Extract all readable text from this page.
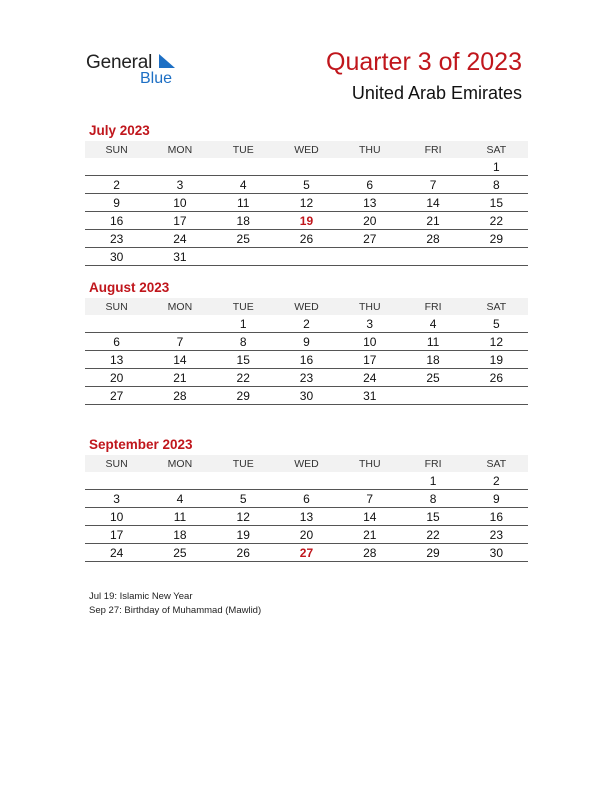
General
Blue
Quarter 3 of 2023
United Arab Emirates
July 2023
SUN	MON	TUE	WED	THU	FRI	SAT
						1
2	3	4	5	6	7	8
9	10	11	12	13	14	15
16	17	18	19	20	21	22
23	24	25	26	27	28	29
30	31					
August 2023
SUN	MON	TUE	WED	THU	FRI	SAT
		1	2	3	4	5
6	7	8	9	10	11	12
13	14	15	16	17	18	19
20	21	22	23	24	25	26
27	28	29	30	31		
September 2023
SUN	MON	TUE	WED	THU	FRI	SAT
					1	2
3	4	5	6	7	8	9
10	11	12	13	14	15	16
17	18	19	20	21	22	23
24	25	26	27	28	29	30
Jul 19: Islamic New Year
Sep 27: Birthday of Muhammad (Mawlid)
